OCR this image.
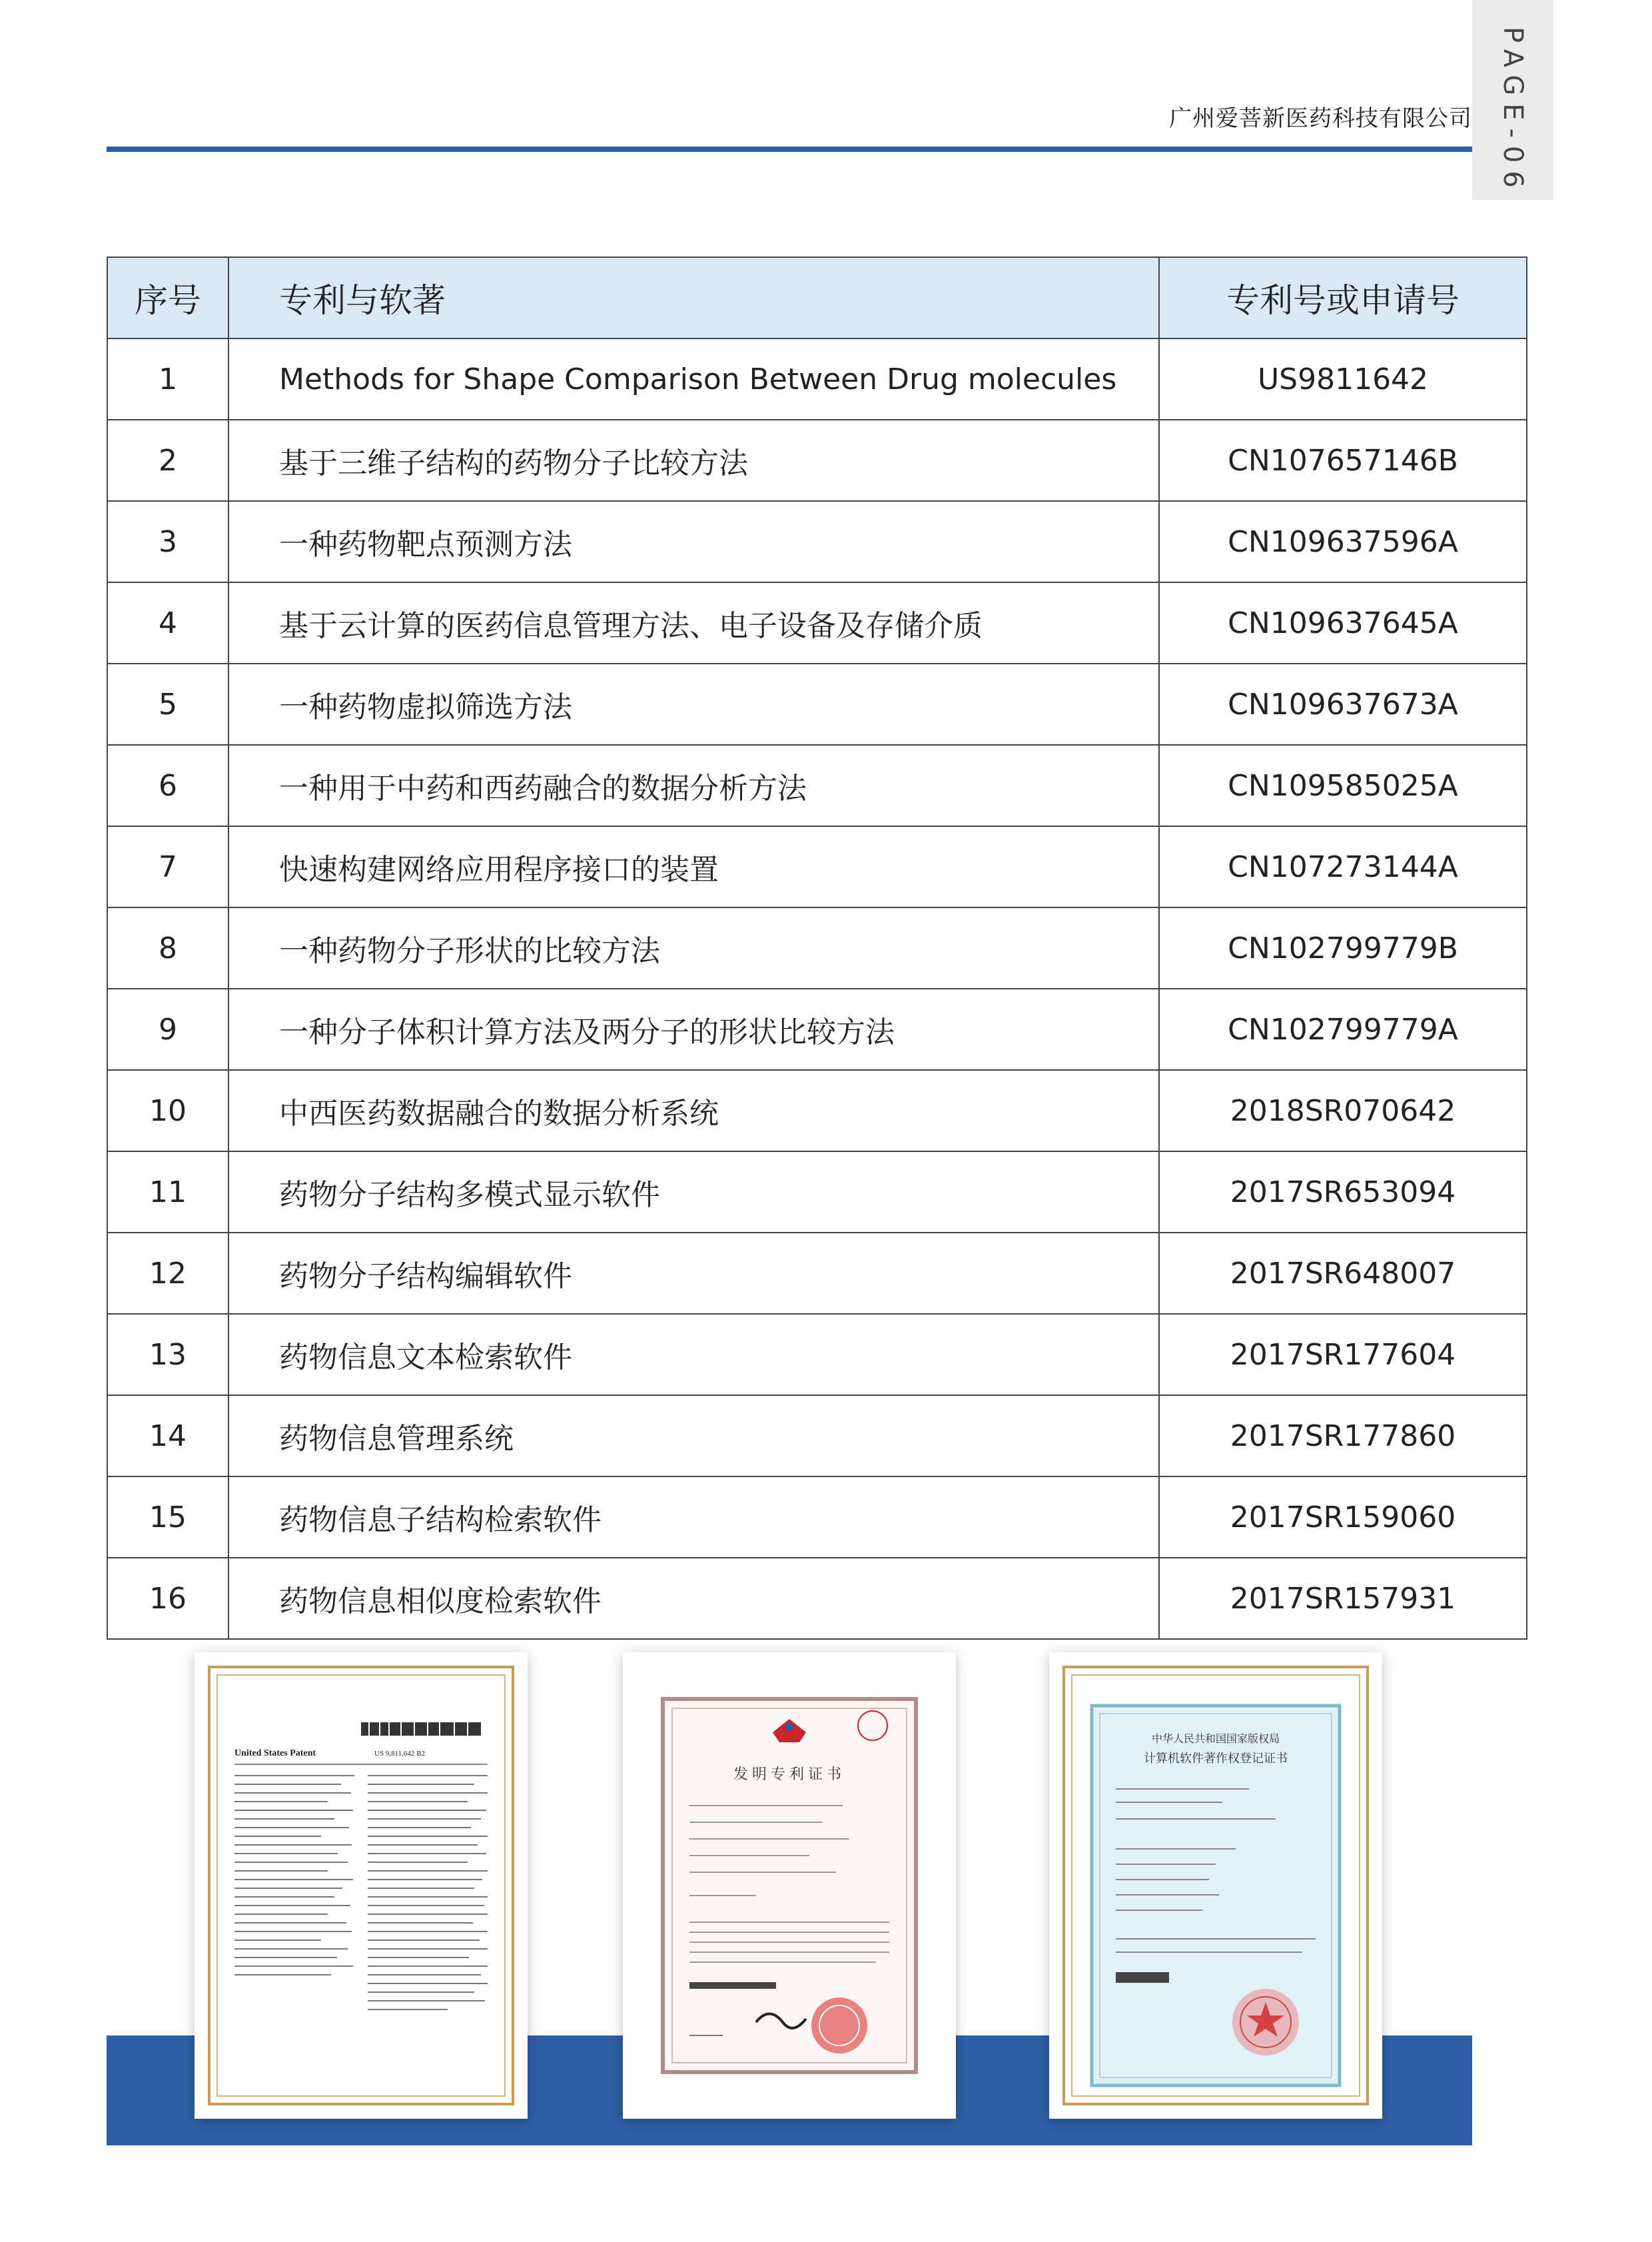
广州爱菩新医药科技有限公司 PAGE-06
序号	专利与软著	专利号或申请号
1	Methods for Shape Comparison Between Drug molecules	US9811642
2	基于三维子结构的药物分子比较方法	CN107657146B
3	一种药物靶点预测方法	CN109637596A
4	基于云计算的医药信息管理方法、电子设备及存储介质	CN109637645A
5	一种药物虚拟筛选方法	CN109637673A
6	一种用于中药和西药融合的数据分析方法	CN109585025A
7	快速构建网络应用程序接口的装置	CN107273144A
8	一种药物分子形状的比较方法	CN102799779B
9	一种分子体积计算方法及两分子的形状比较方法	CN102799779A
10	中西医药数据融合的数据分析系统	2018SR070642
11	药物分子结构多模式显示软件	2017SR653094
12	药物分子结构编辑软件	2017SR648007
13	药物信息文本检索软件	2017SR177604
14	药物信息管理系统	2017SR177860
15	药物信息子结构检索软件	2017SR159060
16	药物信息相似度检索软件	2017SR157931
United States Patent	US 9,811,642 B2
发明专利证书
中华人民共和国国家版权局
计算机软件著作权登记证书
